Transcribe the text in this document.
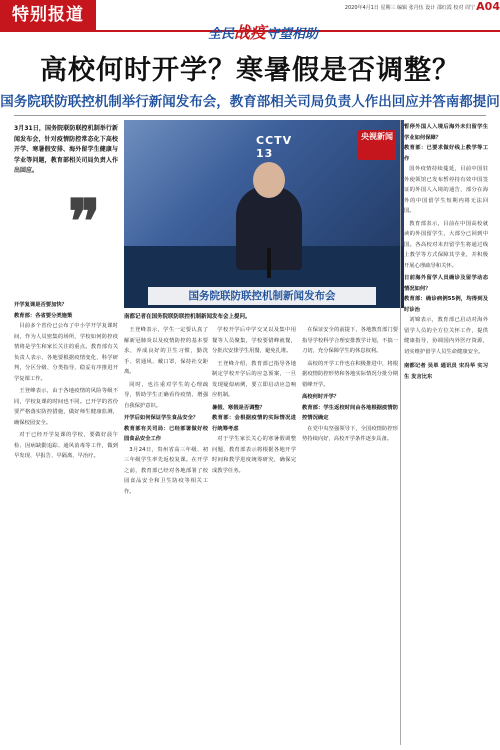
特别报道	2020年4月1日 星期三 编辑 张丹伍 设计 邵红霞 校对 周宁 A04
全民战疫守望相助
高校何时开学？寒暑假是否调整？
国务院联防联控机制举行新闻发布会，教育部相关司局负责人作出回应并答南都提问
3月31日，国务院联防联控机制举行新闻发布会，针对疫情防控常态化下高校开学、寒暑假安排、海外留学生健康与学业等问题，教育部相关司局负责人作出回应。
❞
CCTV 13
央视新闻
国务院联防联控机制新闻发布会
南都记者在国务院联防联控机制新闻发布会上提问。
开学复课是否要加快？
教育部：各省要分类施策

目前多个省份已公布了中小学开学复课时间，作为人员密集的场所，学校如何防控疫情将是学生和家长关注的重点。教育部有关负责人表示，各地要根据疫情变化，科学研判，分区分级、分类指导，稳妥有序推进开学复课工作。

王登峰表示，由于各地疫情的风险等级不同，学校复课的时间也不同。已开学的省份要严格落实防控措施，做好师生健康监测，确保校园安全。

对于已经开学复课的学校，要做好晨午检、因病缺勤追踪、通风消毒等工作，做到早发现、早报告、早隔离、早治疗。

王登峰表示，学生一定要认真了解新冠肺炎以及疫情防控的基本要求，养成良好的卫生习惯，勤洗手、常通风、戴口罩，保持社交距离。

同时，也注重对学生的心理疏导，帮助学生正确看待疫情，增强自我保护意识。

开学后如何保证学生食品安全？
教育部有关司局：已经部署做好校园食品安全工作

3月24日，贵州省高三年级、初三年级学生率先返校复课。在开学之前，教育部已经对各地部署了校园食品安全和卫生防疫等相关工作。

学校开学后中学交叉以及集中用餐等人员聚集，学校要错峰就餐，分批次安排学生用餐，避免扎堆。

王登峰介绍，教育部已指导各地制定学校开学后的应急预案，一旦发现疑似病例，要立即启动应急响应机制。

暑假、寒假是否调整？
教育部：会根据疫情的实际情况进行统筹考虑

对于学生家长关心的寒暑假调整问题，教育部表示将根据各地开学时间和教学进度统筹研究，确保完成教学任务。

在保证安全的前提下，各地教育部门要指导学校科学合理安排教学计划，不搞一刀切，充分保障学生的休息权利。

高校的开学工作也在积极推进中，将根据疫情防控形势和各地实际情况分批分期错峰开学。

高校何时开学？
教育部：学生返校时间由各地根据疫情防控情况确定

在党中央坚强领导下，全国疫情防控形势持续向好，高校开学条件逐步具备。

暂停外国人入境后海外未归留学生学业如何保障？
教育部：已要求做好线上教学等工作

国外疫情持续蔓延，目前中国驻外使领馆已发布暂停持有效中国签证的外国人入境的通告，部分在海外的中国留学生短期内将无法回国。

教育部表示，目前在中国高校就读的外国留学生，大部分已回到中国。各高校对未归留学生将通过线上教学等方式保障其学业，并积极开展心理疏导和关怀。

日前海外留学人员确诊及留学动态情况如何？
教育部：确诊病例55例，均得到及时诊治

刘锦表示，教育部已启动对海外留学人员的全方位关怀工作，提供健康指导，协调国内外医疗资源，切实维护留学人员生命健康安全。

南都记者 吴单 通讯员 宋冯华 实习生 发言比东
